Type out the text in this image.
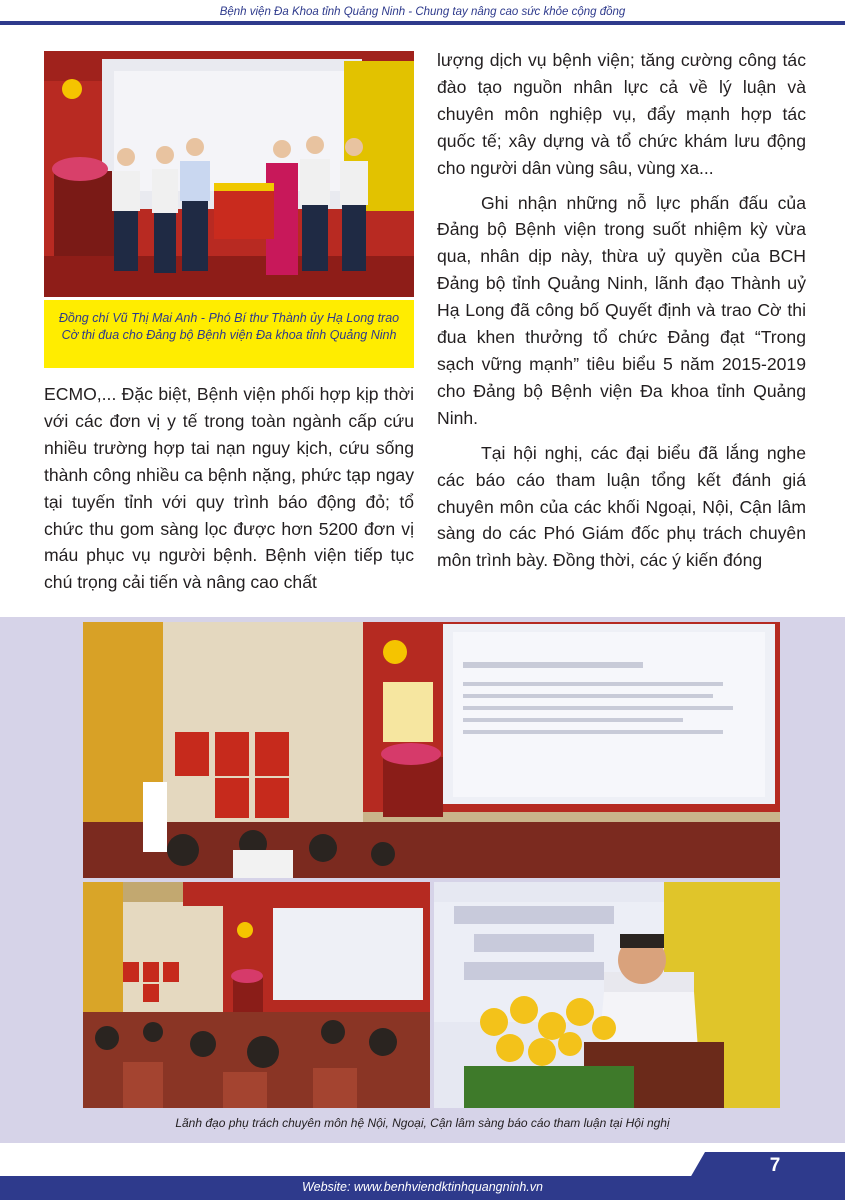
Bệnh viện Đa Khoa tỉnh Quảng Ninh - Chung tay nâng cao sức khỏe cộng đồng
Đồng chí Vũ Thị Mai Anh - Phó Bí thư Thành ủy Hạ Long trao Cờ thi đua cho Đảng bộ Bệnh viện Đa khoa tỉnh Quảng Ninh

ECMO,... Đặc biệt, Bệnh viện phối hợp kịp thời với các đơn vị y tế trong toàn ngành cấp cứu nhiều trường hợp tai nạn nguy kịch, cứu sống thành công nhiều ca bệnh nặng, phức tạp ngay tại tuyến tỉnh với quy trình báo động đỏ; tổ chức thu gom sàng lọc được hơn 5200 đơn vị máu phục vụ người bệnh. Bệnh viện tiếp tục chú trọng cải tiến và nâng cao chất

lượng dịch vụ bệnh viện; tăng cường công tác đào tạo nguồn nhân lực cả về lý luận và chuyên môn nghiệp vụ, đẩy mạnh hợp tác quốc tế; xây dựng và tổ chức khám lưu động cho người dân vùng sâu, vùng xa...

Ghi nhận những nỗ lực phấn đấu của Đảng bộ Bệnh viện trong suốt nhiệm kỳ vừa qua, nhân dịp này, thừa uỷ quyền của BCH Đảng bộ tỉnh Quảng Ninh, lãnh đạo Thành uỷ Hạ Long đã công bố Quyết định và trao Cờ thi đua khen thưởng tổ chức Đảng đạt “Trong sạch vững mạnh” tiêu biểu 5 năm 2015-2019 cho Đảng bộ Bệnh viện Đa khoa tỉnh Quảng Ninh.

Tại hội nghị, các đại biểu đã lắng nghe các báo cáo tham luận tổng kết đánh giá chuyên môn của các khối Ngoại, Nội, Cận lâm sàng do các Phó Giám đốc phụ trách chuyên môn trình bày. Đồng thời, các ý kiến đóng

Lãnh đạo phụ trách chuyên môn hệ Nội, Ngoại, Cận lâm sàng báo cáo tham luận tại Hội nghị
7
Website: www.benhviendktinhquangninh.vn
